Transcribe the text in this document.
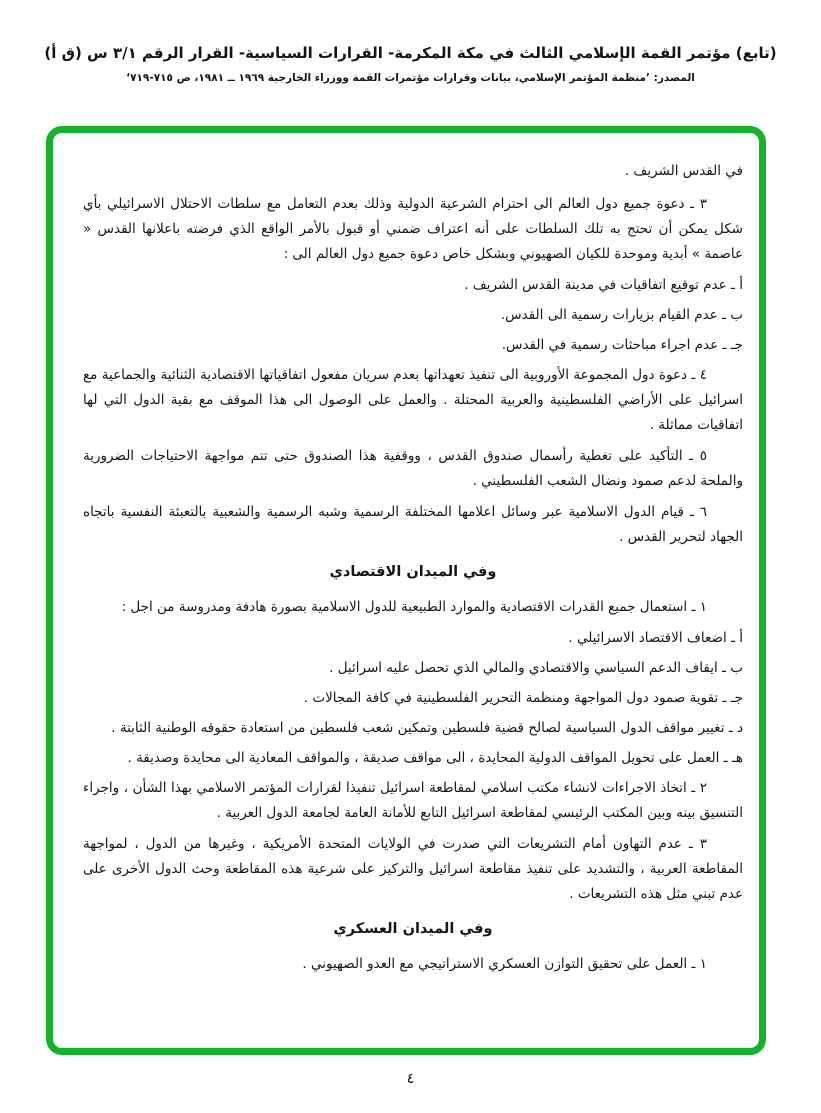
(تابع) مؤتمر القمة الإسلامي الثالث في مكة المكرمة- القرارات السياسية- القرار الرقم ٣/١ س (ق أ)
المصدر: ’منظمة المؤتمر الإسلامي، بيانات وقرارات مؤتمرات القمة ووزراء الخارجية ١٩٦٩ ــ ١٩٨١، ص ٧١٥-٧١٩‘
في القدس الشريف .
٣ ـ دعوة جميع دول العالم الى احترام الشرعية الدولية وذلك بعدم التعامل مع سلطات الاحتلال الاسرائيلي بأي شكل يمكن أن تحتج به تلك السلطات على أنه اعتراف ضمني أو قبول بالأمر الواقع الذي فرضته باعلانها القدس « عاصمة » أبدية وموحدة للكيان الصهيوني وبشكل خاص دعوة جميع دول العالم الى :
أ ـ عدم توقيع اتفاقيات في مدينة القدس الشريف .
ب ـ عدم القيام بزيارات رسمية الى القدس.
جـ ـ عدم اجراء مباحثات رسمية في القدس.
٤ ـ دعوة دول المجموعة الأوروبية الى تنفيذ تعهداتها بعدم سريان مفعول اتفاقياتها الاقتصادية الثنائية والجماعية مع اسرائيل على الأراضي الفلسطينية والعربية المحتلة . والعمل على الوصول الى هذا الموقف مع بقية الدول التي لها اتفاقيات مماثلة .
٥ ـ التأكيد على تغطية رأسمال صندوق القدس ، ووقفية هذا الصندوق حتى تتم مواجهة الاحتياجات الضرورية والملحة لدعم صمود ونضال الشعب الفلسطيني .
٦ ـ قيام الدول الاسلامية عبر وسائل اعلامها المختلفة الرسمية وشبه الرسمية والشعبية بالتعبئة النفسية باتجاه الجهاد لتحرير القدس .
وفي الميدان الاقتصادي
١ ـ استعمال جميع القدرات الاقتصادية والموارد الطبيعية للدول الاسلامية بصورة هادفة ومدروسة من اجل :
أ ـ اضعاف الاقتصاد الاسرائيلي .
ب ـ ايقاف الدعم السياسي والاقتصادي والمالي الذي تحصل عليه اسرائيل .
جـ ـ تقوية صمود دول المواجهة ومنظمة التحرير الفلسطينية في كافة المجالات .
د ـ تغيير مواقف الدول السياسية لصالح قضية فلسطين وتمكين شعب فلسطين من استعادة حقوقه الوطنية الثابتة .
هـ ـ العمل على تحويل المواقف الدولية المحايدة ، الى مواقف صديقة ، والمواقف المعادية الى محايدة وصديقة .
٢ ـ اتخاذ الاجراءات لانشاء مكتب اسلامي لمقاطعة اسرائيل تنفيذا لقرارات المؤتمر الاسلامي بهذا الشأن ، واجراء التنسيق بينه وبين المكتب الرئيسي لمقاطعة اسرائيل التابع للأمانة العامة لجامعة الدول العربية .
٣ ـ عدم التهاون أمام التشريعات التي صدرت في الولايات المتحدة الأمريكية ، وغيرها من الدول ، لمواجهة المقاطعة العربية ، والتشديد على تنفيذ مقاطعة اسرائيل والتركيز على شرعية هذه المقاطعة وحث الدول الأخرى على عدم تبني مثل هذه التشريعات .
وفي الميدان العسكري
١ ـ العمل على تحقيق التوازن العسكري الاستراتيجي مع العدو الصهيوني .
٤
